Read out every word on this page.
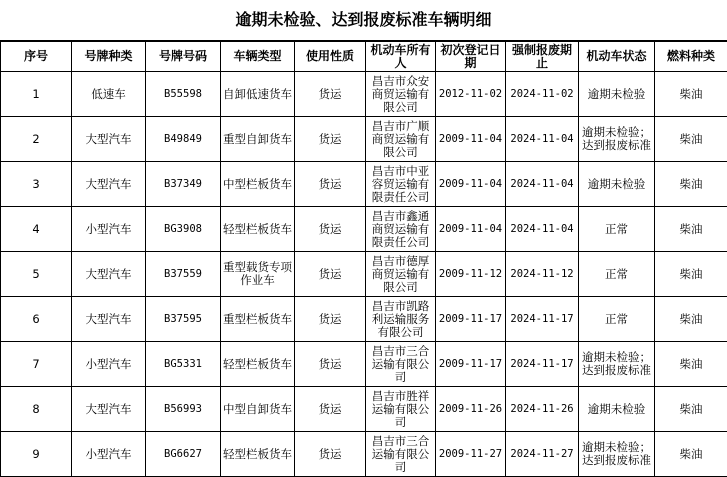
逾期未检验、达到报废标准车辆明细
序号	号牌种类	号牌号码	车辆类型	使用性质	机动车所有人	初次登记日期	强制报废期止	机动车状态	燃料种类
1	低速车	B55598	自卸低速货车	货运	昌吉市众安商贸运输有限公司	2012-11-02	2024-11-02	逾期未检验	柴油
2	大型汽车	B49849	重型自卸货车	货运	昌吉市广顺商贸运输有限公司	2009-11-04	2024-11-04	逾期未检验；达到报废标准	柴油
3	大型汽车	B37349	中型栏板货车	货运	昌吉市中亚容贸运输有限责任公司	2009-11-04	2024-11-04	逾期未检验	柴油
4	小型汽车	BG3908	轻型栏板货车	货运	昌吉市鑫通商贸运输有限责任公司	2009-11-04	2024-11-04	正常	柴油
5	大型汽车	B37559	重型载货专项作业车	货运	昌吉市德厚商贸运输有限公司	2009-11-12	2024-11-12	正常	柴油
6	大型汽车	B37595	重型栏板货车	货运	昌吉市凯路利运输服务有限公司	2009-11-17	2024-11-17	正常	柴油
7	小型汽车	BG5331	轻型栏板货车	货运	昌吉市三合运输有限公司	2009-11-17	2024-11-17	逾期未检验；达到报废标准	柴油
8	大型汽车	B56993	中型自卸货车	货运	昌吉市胜祥运输有限公司	2009-11-26	2024-11-26	逾期未检验	柴油
9	小型汽车	BG6627	轻型栏板货车	货运	昌吉市三合运输有限公司	2009-11-27	2024-11-27	逾期未检验；达到报废标准	柴油
